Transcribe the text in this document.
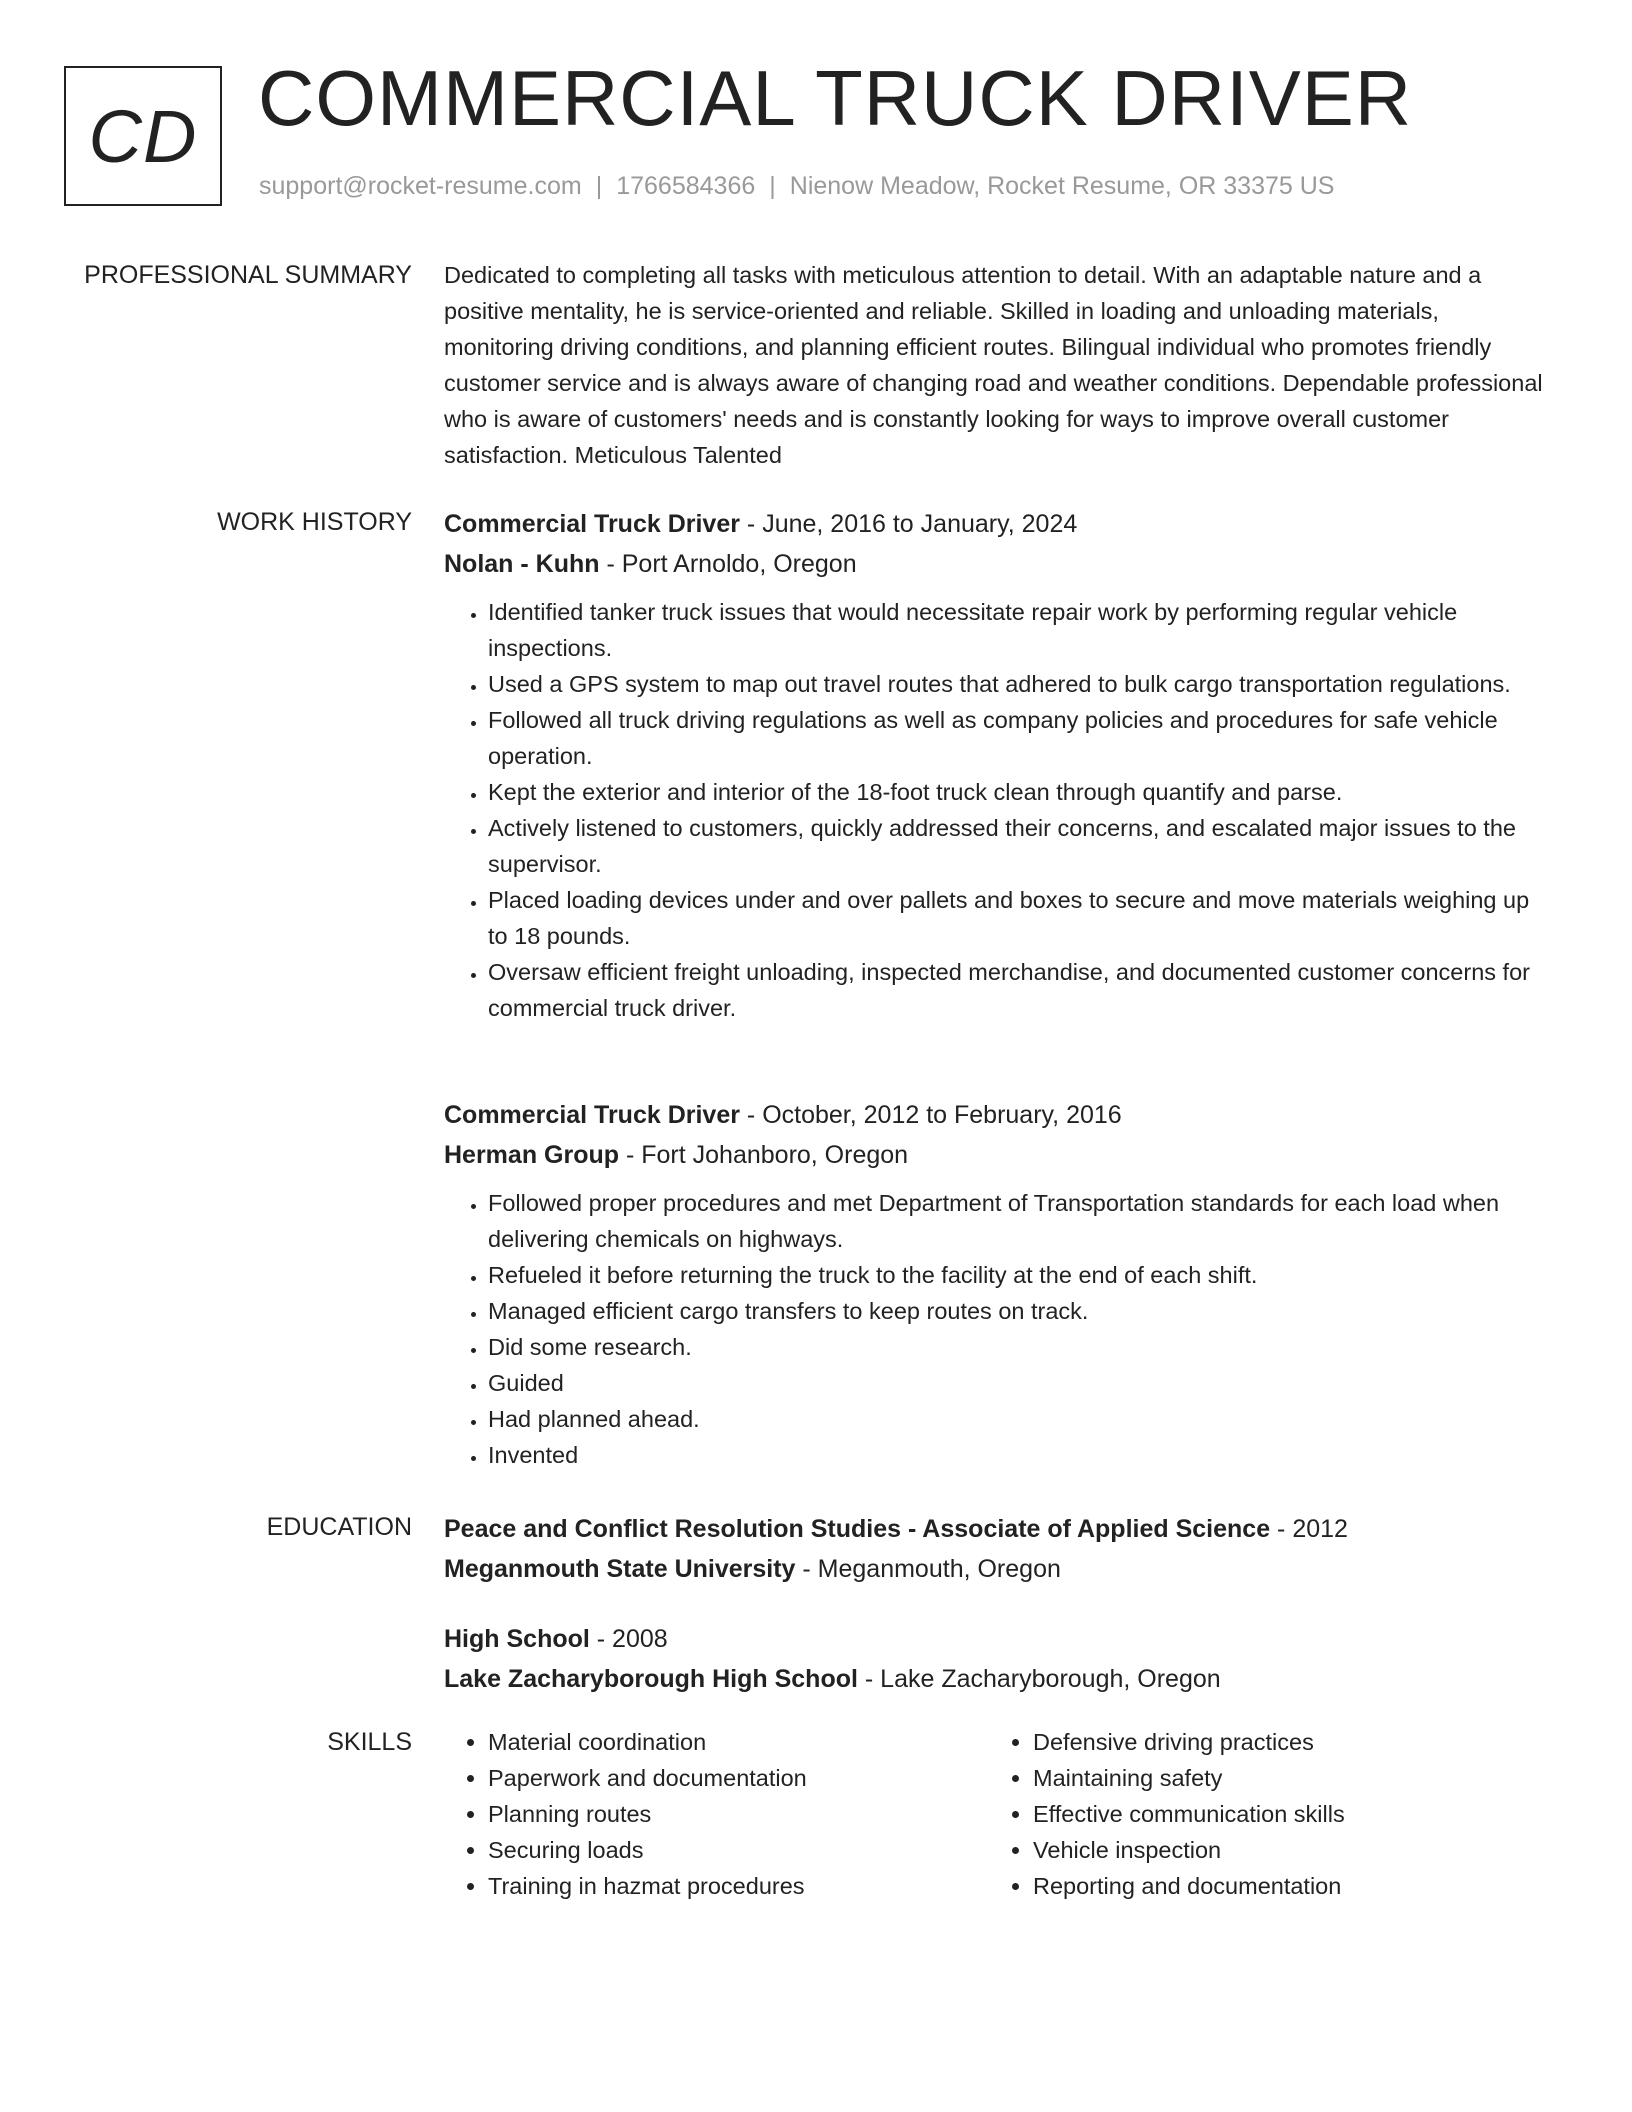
CD COMMERCIAL TRUCK DRIVER
support@rocket-resume.com | 1766584366 | Nienow Meadow, Rocket Resume, OR 33375 US
PROFESSIONAL SUMMARY Dedicated to completing all tasks with meticulous attention to detail. With an adaptable nature and a positive mentality, he is service-oriented and reliable. Skilled in loading and unloading materials, monitoring driving conditions, and planning efficient routes. Bilingual individual who promotes friendly customer service and is always aware of changing road and weather conditions. Dependable professional who is aware of customers' needs and is constantly looking for ways to improve overall customer satisfaction. Meticulous Talented

WORK HISTORY Commercial Truck Driver - June, 2016 to January, 2024
Nolan - Kuhn - Port Arnoldo, Oregon
• Identified tanker truck issues that would necessitate repair work by performing regular vehicle inspections.
• Used a GPS system to map out travel routes that adhered to bulk cargo transportation regulations.
• Followed all truck driving regulations as well as company policies and procedures for safe vehicle operation.
• Kept the exterior and interior of the 18-foot truck clean through quantify and parse.
• Actively listened to customers, quickly addressed their concerns, and escalated major issues to the supervisor.
• Placed loading devices under and over pallets and boxes to secure and move materials weighing up to 18 pounds.
• Oversaw efficient freight unloading, inspected merchandise, and documented customer concerns for commercial truck driver.
Commercial Truck Driver - October, 2012 to February, 2016
Herman Group - Fort Johanboro, Oregon
• Followed proper procedures and met Department of Transportation standards for each load when delivering chemicals on highways.
• Refueled it before returning the truck to the facility at the end of each shift.
• Managed efficient cargo transfers to keep routes on track.
• Did some research.
• Guided
• Had planned ahead.
• Invented
EDUCATION Peace and Conflict Resolution Studies - Associate of Applied Science - 2012
Meganmouth State University - Meganmouth, Oregon
High School - 2008
Lake Zacharyborough High School - Lake Zacharyborough, Oregon
SKILLS
•	Material coordination
• Paperwork and documentation
• Planning routes
• Securing loads
• Training in hazmat procedures
• Defensive driving practices
• Maintaining safety
• Effective communication skills
• Vehicle inspection
• Reporting and documentation
